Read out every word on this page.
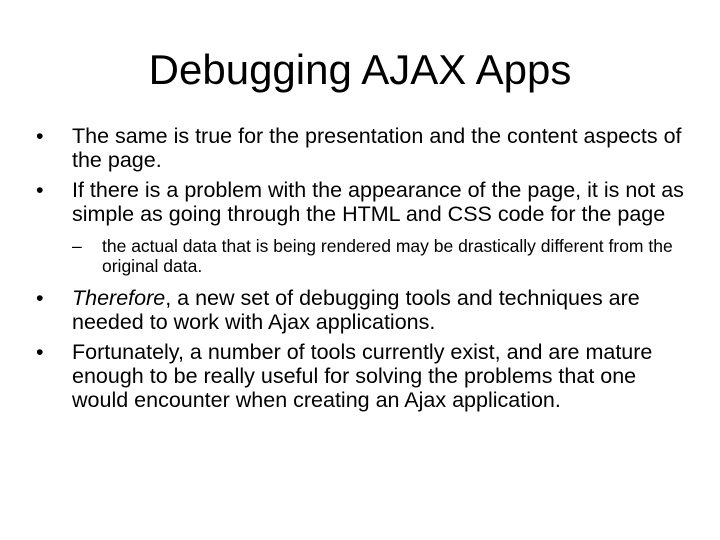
Debugging AJAX Apps
•	The same is true for the presentation and the content aspects of the page.
•	If there is a problem with the appearance of the page, it is not as simple as going through the HTML and CSS code for the page
–	the actual data that is being rendered may be drastically different from the original data.
•	Therefore, a new set of debugging tools and techniques are needed to work with Ajax applications.
•	Fortunately, a number of tools currently exist, and are mature enough to be really useful for solving the problems that one would encounter when creating an Ajax application.
